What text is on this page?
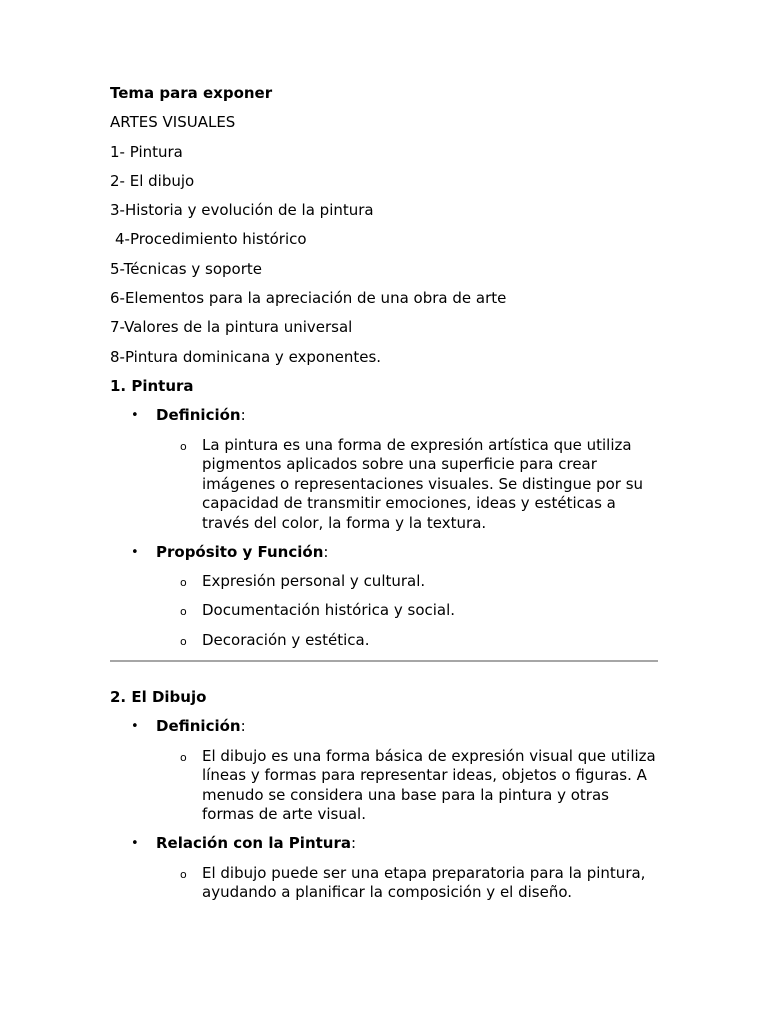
Tema para exponer
ARTES VISUALES
1- Pintura
2- El dibujo
3-Historia y evolución de la pintura
4-Procedimiento histórico
5-Técnicas y soporte
6-Elementos para la apreciación de una obra de arte
7-Valores de la pintura universal
8-Pintura dominicana y exponentes.
1. Pintura
• Definición:
o La pintura es una forma de expresión artística que utiliza pigmentos aplicados sobre una superficie para crear imágenes o representaciones visuales. Se distingue por su capacidad de transmitir emociones, ideas y estéticas a través del color, la forma y la textura.
• Propósito y Función:
o Expresión personal y cultural.
o Documentación histórica y social.
o Decoración y estética.
2. El Dibujo
• Definición:
o El dibujo es una forma básica de expresión visual que utiliza líneas y formas para representar ideas, objetos o figuras. A menudo se considera una base para la pintura y otras formas de arte visual.
• Relación con la Pintura:
o El dibujo puede ser una etapa preparatoria para la pintura, ayudando a planificar la composición y el diseño.
